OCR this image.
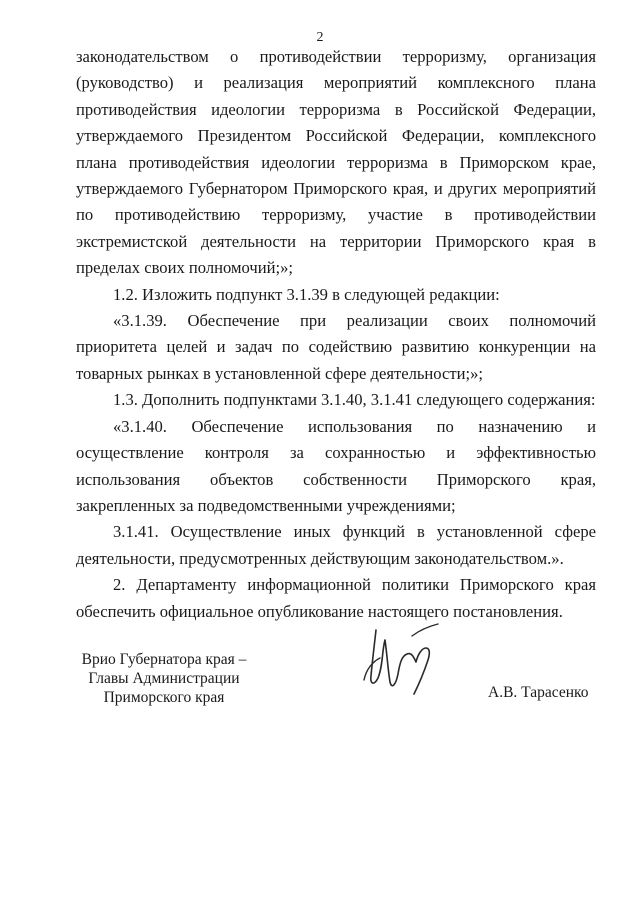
2

законодательством о противодействии терроризму, организация (руководство) и реализация мероприятий комплексного плана противодействия идеологии терроризма в Российской Федерации, утверждаемого Президентом Российской Федерации, комплексного плана противодействия идеологии терроризма в Приморском крае, утверждаемого Губернатором Приморского края, и других мероприятий по противодействию терроризму, участие в противодействии экстремистской деятельности на территории Приморского края в пределах своих полномочий;»;

1.2. Изложить подпункт 3.1.39 в следующей редакции:

«3.1.39. Обеспечение при реализации своих полномочий приоритета целей и задач по содействию развитию конкуренции на товарных рынках в установленной сфере деятельности;»;

1.3. Дополнить подпунктами 3.1.40, 3.1.41 следующего содержания:

«3.1.40. Обеспечение использования по назначению и осуществление контроля за сохранностью и эффективностью использования объектов собственности Приморского края, закрепленных за подведомственными учреждениями;

3.1.41. Осуществление иных функций в установленной сфере деятельности, предусмотренных действующим законодательством.».

2. Департаменту информационной политики Приморского края обеспечить официальное опубликование настоящего постановления.

Врио Губернатора края –
Главы Администрации
Приморского края	А.В. Тарасенко
